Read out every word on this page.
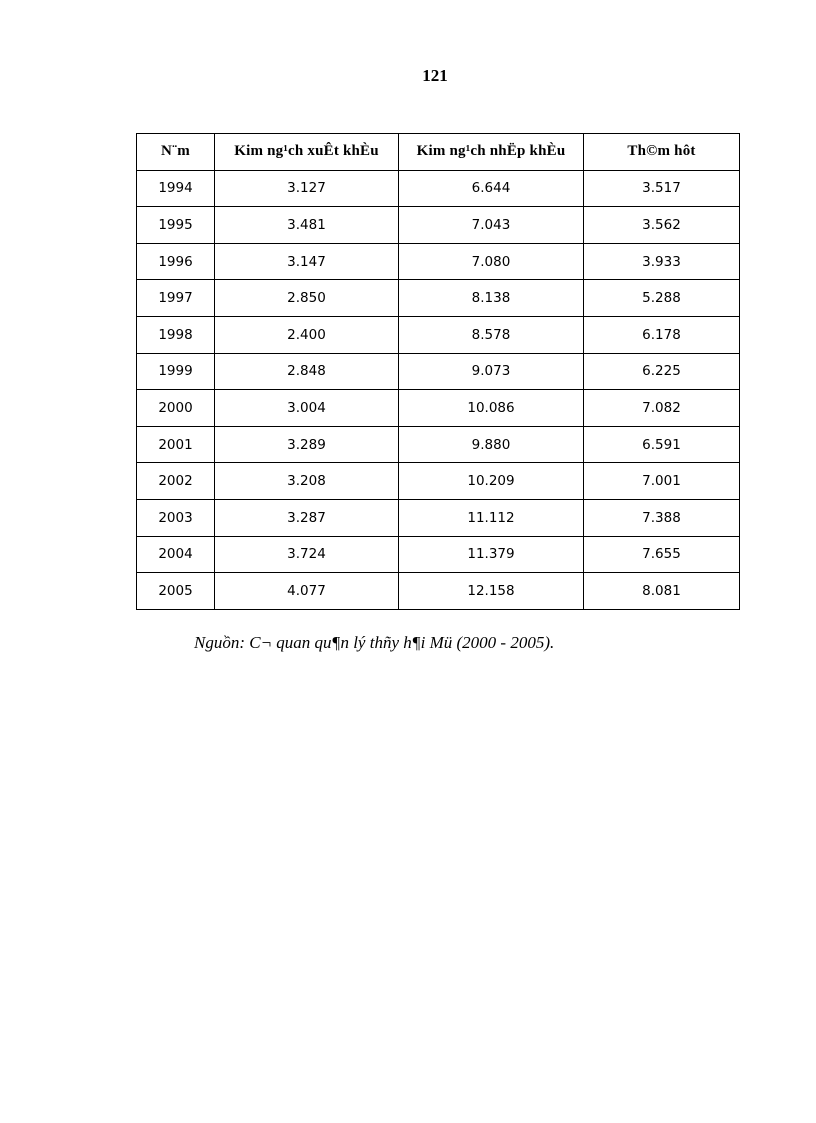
121
N¨m	Kim ng¹ch xuÊt khÈu	Kim ng¹ch nhËp khÈu	Th©m hôt
1994	3.127	6.644	3.517
1995	3.481	7.043	3.562
1996	3.147	7.080	3.933
1997	2.850	8.138	5.288
1998	2.400	8.578	6.178
1999	2.848	9.073	6.225
2000	3.004	10.086	7.082
2001	3.289	9.880	6.591
2002	3.208	10.209	7.001
2003	3.287	11.112	7.388
2004	3.724	11.379	7.655
2005	4.077	12.158	8.081
Nguồn: C¬ quan qu¶n lý thñy h¶i Mü (2000 - 2005).
